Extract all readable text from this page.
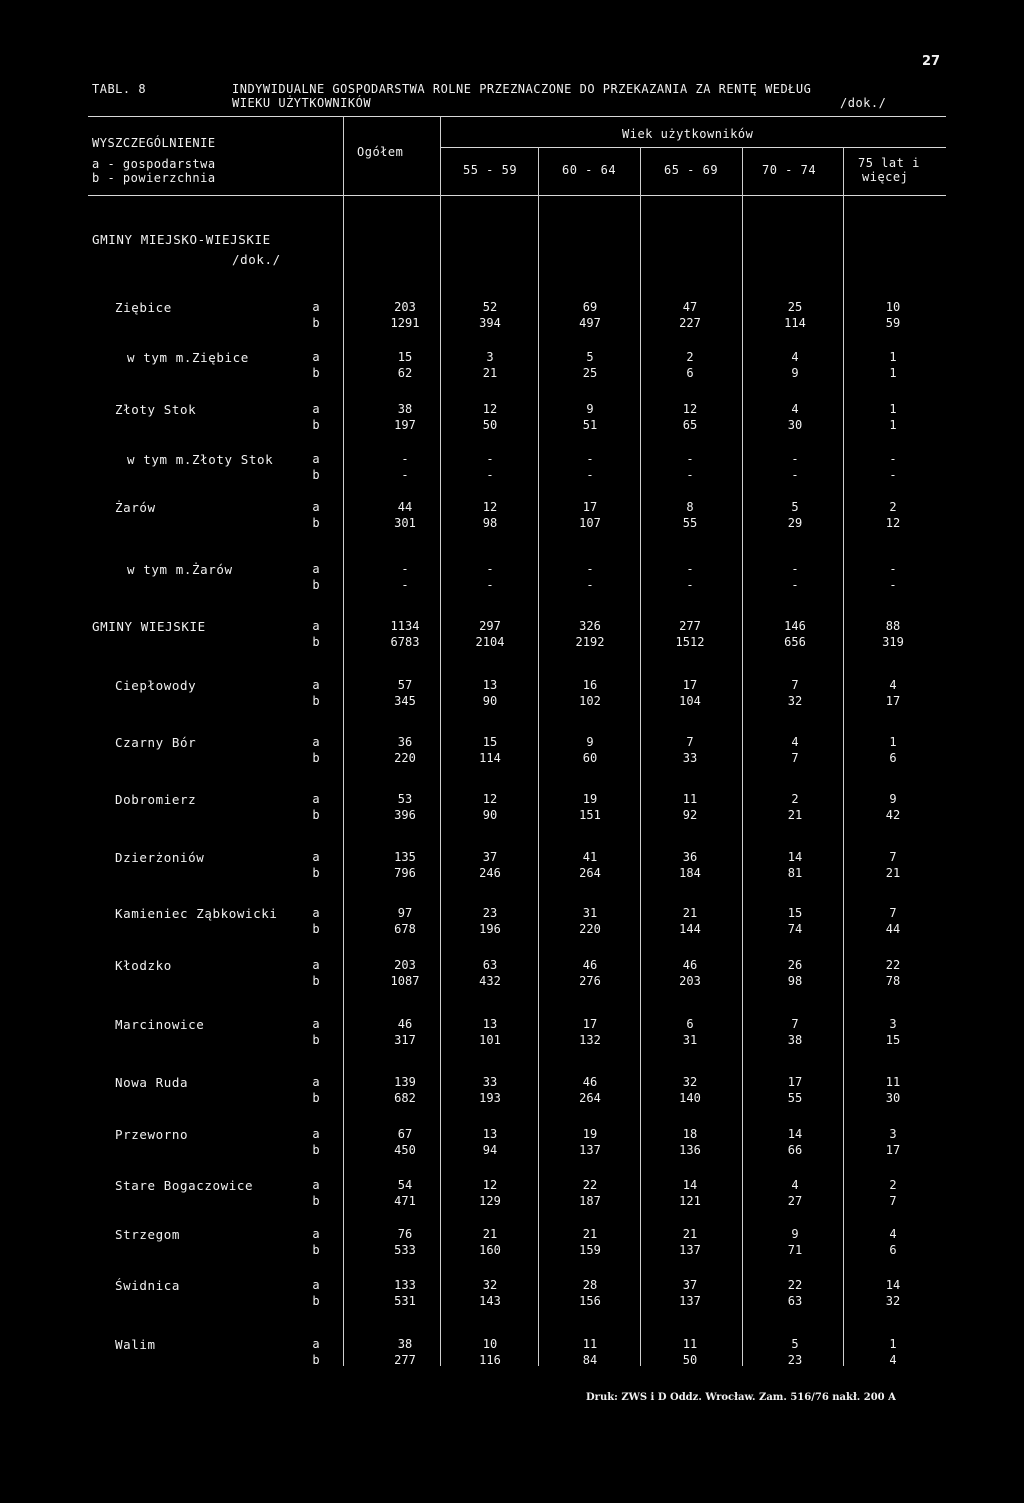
27
TABL. 8	INDYWIDUALNE GOSPODARSTWA ROLNE PRZEZNACZONE DO PRZEKAZANIA ZA RENTĘ WEDŁUG
WIEKU UŻYTKOWNIKÓW	/dok./
WYSZCZEGÓLNIENIE
a - gospodarstwa
b - powierzchnia
Ogółem
Wiek użytkowników
55 - 59	60 - 64	65 - 69	70 - 74	75 lat i
więcej
GMINY MIEJSKO-WIEJSKIE
/dok./
Ziębice	a	203	52	69	47	25	10
b	1291	394	497	227	114	59
w tym m.Ziębice	a	15	3	5	2	4	1
b	62	21	25	6	9	1
Złoty Stok	a	38	12	9	12	4	1
b	197	50	51	65	30	1
w tym m.Złoty Stok	a	-	-	-	-	-	-
b	-	-	-	-	-	-
Żarów	a	44	12	17	8	5	2
b	301	98	107	55	29	12
w tym m.Żarów	a	-	-	-	-	-	-
b	-	-	-	-	-	-
GMINY WIEJSKIE	a	1134	297	326	277	146	88
b	6783	2104	2192	1512	656	319
Ciepłowody	a	57	13	16	17	7	4
b	345	90	102	104	32	17
Czarny Bór	a	36	15	9	7	4	1
b	220	114	60	33	7	6
Dobromierz	a	53	12	19	11	2	9
b	396	90	151	92	21	42
Dzierżoniów	a	135	37	41	36	14	7
b	796	246	264	184	81	21
Kamieniec Ząbkowicki	a	97	23	31	21	15	7
b	678	196	220	144	74	44
Kłodzko	a	203	63	46	46	26	22
b	1087	432	276	203	98	78
Marcinowice	a	46	13	17	6	7	3
b	317	101	132	31	38	15
Nowa Ruda	a	139	33	46	32	17	11
b	682	193	264	140	55	30
Przeworno	a	67	13	19	18	14	3
b	450	94	137	136	66	17
Stare Bogaczowice	a	54	12	22	14	4	2
b	471	129	187	121	27	7
Strzegom	a	76	21	21	21	9	4
b	533	160	159	137	71	6
Świdnica	a	133	32	28	37	22	14
b	531	143	156	137	63	32
Walim	a	38	10	11	11	5	1
b	277	116	84	50	23	4
Druk: ZWS i D Oddz. Wrocław. Zam. 516/76 nakł. 200 A
